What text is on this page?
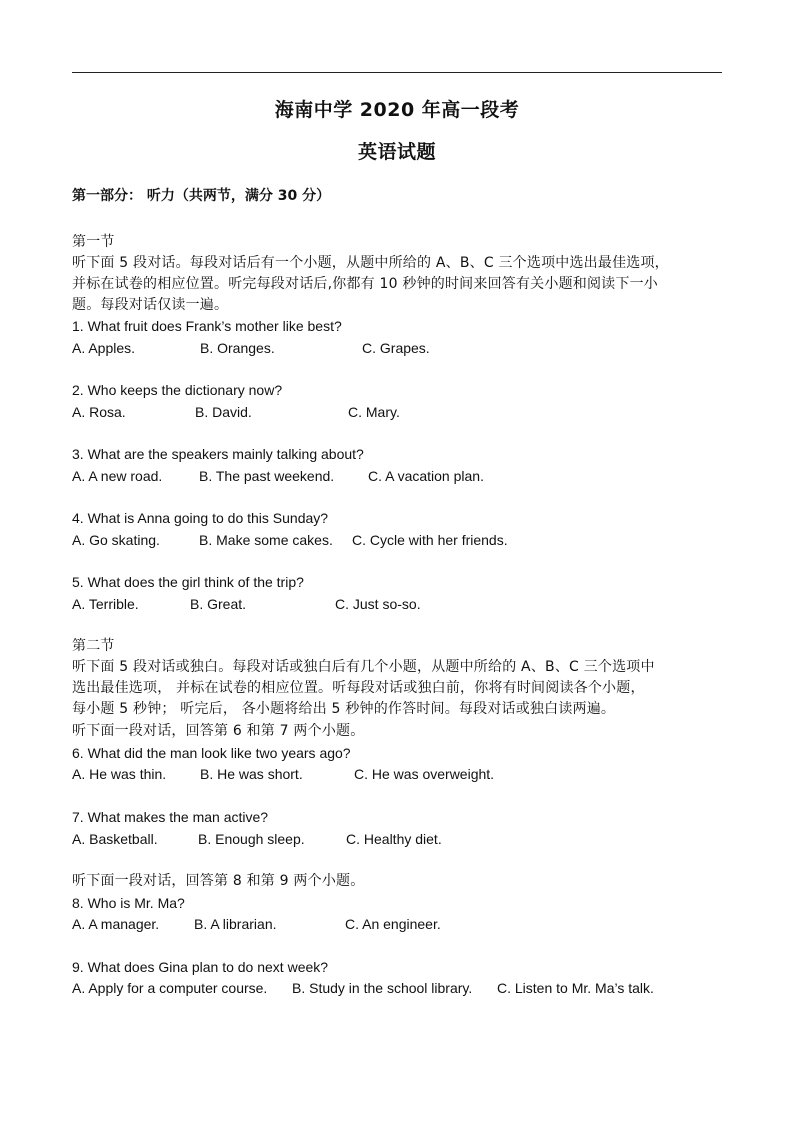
海南中学 2020 年高一段考
英语试题
第一部分： 听力（共两节，满分 30 分）
第一节
听下面 5 段对话。每段对话后有一个小题，从题中所给的 A、B、C 三个选项中选出最佳选项，
并标在试卷的相应位置。听完每段对话后,你都有 10 秒钟的时间来回答有关小题和阅读下一小
题。每段对话仅读一遍。
1. What fruit does Frank’s mother like best?
A. Apples.	B. Oranges.	C. Grapes.
2. Who keeps the dictionary now?
A. Rosa.	B. David.	C. Mary.
3. What are the speakers mainly talking about?
A. A new road.	B. The past weekend. C. A vacation plan.
4. What is Anna going to do this Sunday?
A. Go skating.	B. Make some cakes. C. Cycle with her friends.
5. What does the girl think of the trip?
A. Terrible.	B. Great.	C. Just so-so.
第二节
听下面 5 段对话或独白。每段对话或独白后有几个小题，从题中所给的 A、B、C 三个选项中
选出最佳选项， 并标在试卷的相应位置。听每段对话或独白前，你将有时间阅读各个小题，
每小题 5 秒钟； 听完后， 各小题将给出 5 秒钟的作答时间。每段对话或独白读两遍。
听下面一段对话，回答第 6 和第 7 两个小题。
6. What did the man look like two years ago?
A. He was thin. B. He was short.	C. He was overweight.
7. What makes the man active?
A. Basketball.	B. Enough sleep.	C. Healthy diet.
听下面一段对话，回答第 8 和第 9 两个小题。
8. Who is Mr. Ma?
A. A manager. B. A librarian.	C. An engineer.
9. What does Gina plan to do next week?
A. Apply for a computer course. B. Study in the school library. C. Listen to Mr. Ma’s talk.
